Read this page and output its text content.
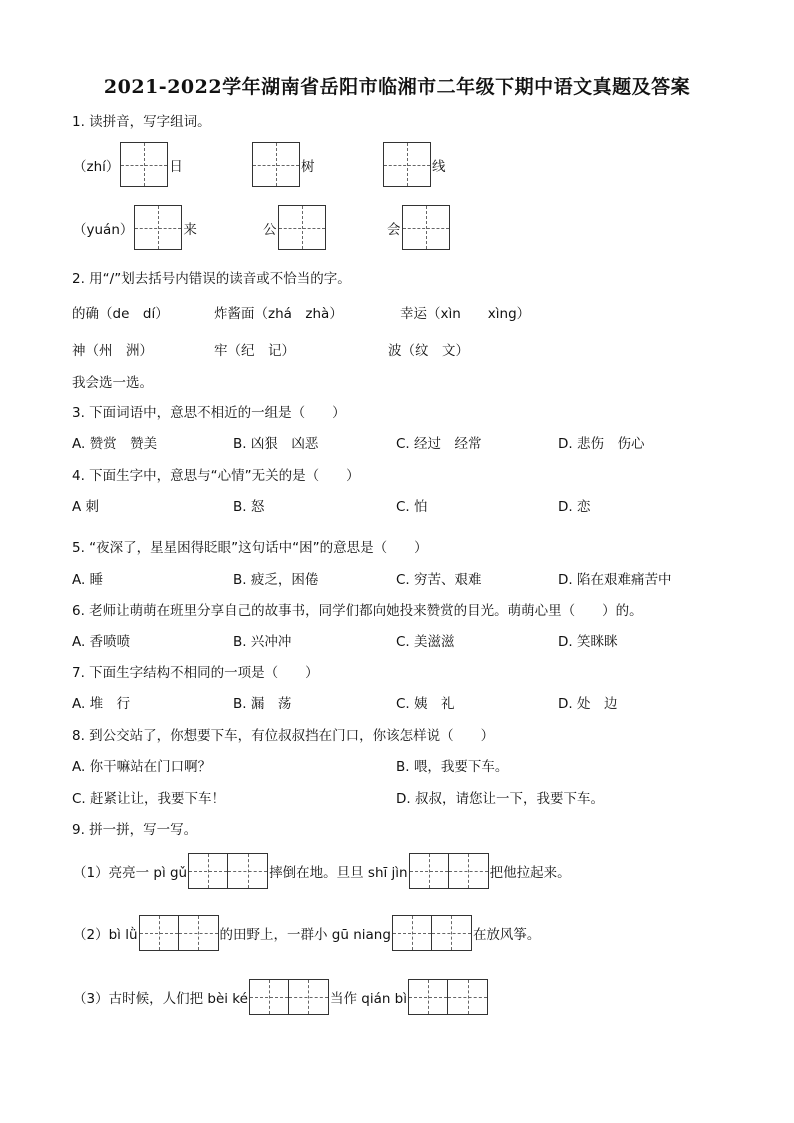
2021-2022学年湖南省岳阳市临湘市二年级下期中语文真题及答案
1. 读拼音，写字组词。
（zhí）	日	树	线
（yuán）	来	公	会
2. 用“/”划去括号内错误的读音或不恰当的字。
的确（de　dí）	炸酱面（zhá　zhà）	幸运（xìn　　xìng）
神（州　洲）	牢（纪　记）	波（纹　文）
我会选一选。
3. 下面词语中，意思不相近的一组是（　　）
A. 赞赏　赞美	B. 凶狠　凶恶	C. 经过　经常	D. 悲伤　伤心
4. 下面生字中，意思与“心情”无关的是（　　）
A 刺	B. 怒	C. 怕	D. 恋
5. “夜深了，星星困得眨眼”这句话中“困”的意思是（　　）
A. 睡	B. 疲乏，困倦	C. 穷苦、艰难	D. 陷在艰难痛苦中
6. 老师让萌萌在班里分享自己的故事书，同学们都向她投来赞赏的目光。萌萌心里（　　）的。
A. 香喷喷	B. 兴冲冲	C. 美滋滋	D. 笑眯眯
7. 下面生字结构不相同的一项是（　　）
A. 堆　行	B. 漏　荡	C. 姨　礼	D. 处　边
8. 到公交站了，你想要下车，有位叔叔挡在门口，你该怎样说（　　）
A. 你干嘛站在门口啊？	B. 喂，我要下车。
C. 赶紧让让，我要下车！	D. 叔叔，请您让一下，我要下车。
9. 拼一拼，写一写。
（1）亮亮一 pì gǔ	摔倒在地。旦旦 shī jìn	把他拉起来。
（2）bì lǜ	的田野上，一群小 gū niang	在放风筝。
（3）古时候，人们把 bèi ké	当作 qián bì
